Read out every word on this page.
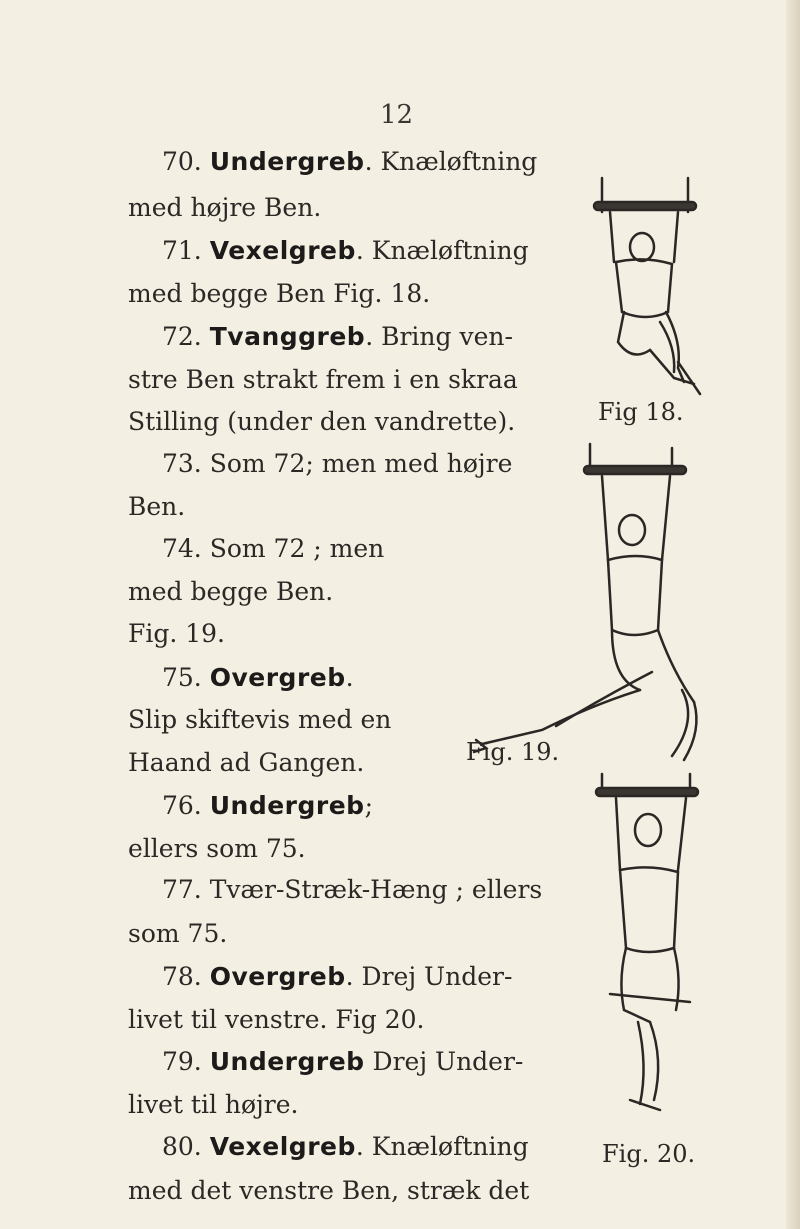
12
70. Undergreb. Knæløftning
med højre Ben.
71. Vexelgreb. Knæløftning
med begge Ben Fig. 18.
72. Tvanggreb. Bring ven-
stre Ben strakt frem i en skraa
Stilling (under den vandrette).
73. Som 72; men med højre
Ben.
74. Som 72 ; men
med begge Ben.
Fig. 19.
75. Overgreb.
Slip skiftevis med en
Haand ad Gangen.
76. Undergreb;
ellers som 75.
77. Tvær-Stræk-Hæng ; ellers
som 75.
78. Overgreb. Drej Under-
livet til venstre. Fig 20.
79. Undergreb Drej Under-
livet til højre.
80. Vexelgreb. Knæløftning
med det venstre Ben, stræk det
Fig 18.
Fig. 19.
Fig. 20.
